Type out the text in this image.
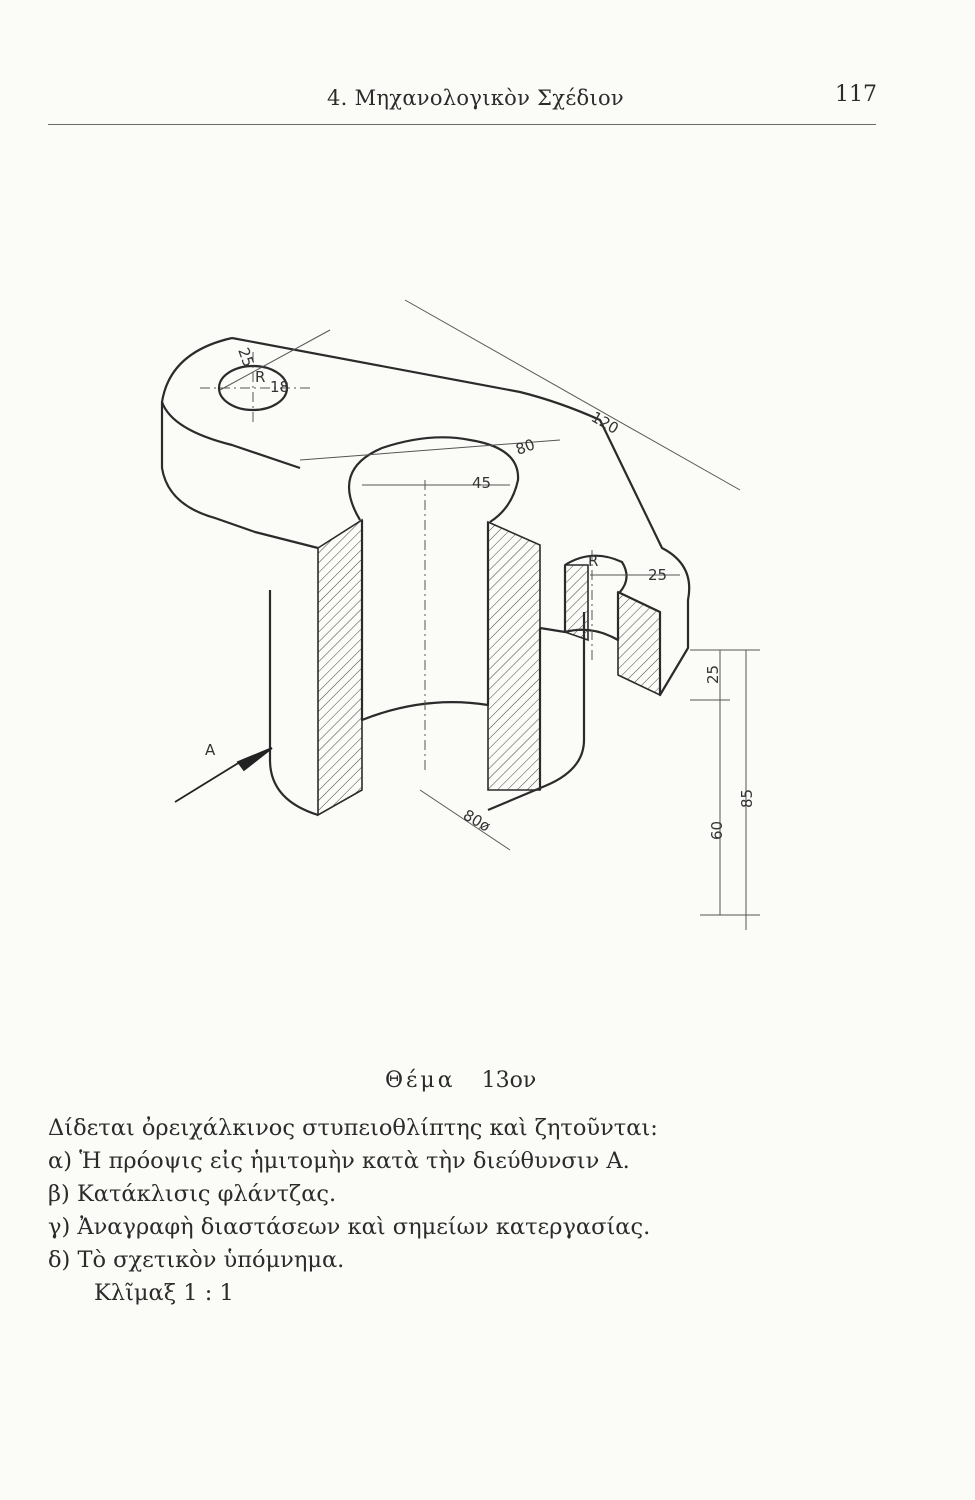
4. Μηχανολογικὸν Σχέδιον	117
A
25
R
18
120
80
45
25
R
25
60
85
80ø
Θέμα 13ον
Δίδεται ὀρειχάλκινος στυπειοθλίπτης καὶ ζητοῦνται:
α) Ἡ πρόοψις εἰς ἡμιτομὴν κατὰ τὴν διεύθυνσιν Α.
β) Κατάκλισις φλάντζας.
γ) Ἀναγραφὴ διαστάσεων καὶ σημείων κατεργασίας.
δ) Τὸ σχετικὸν ὑπόμνημα.
Κλῖμαξ 1 : 1
